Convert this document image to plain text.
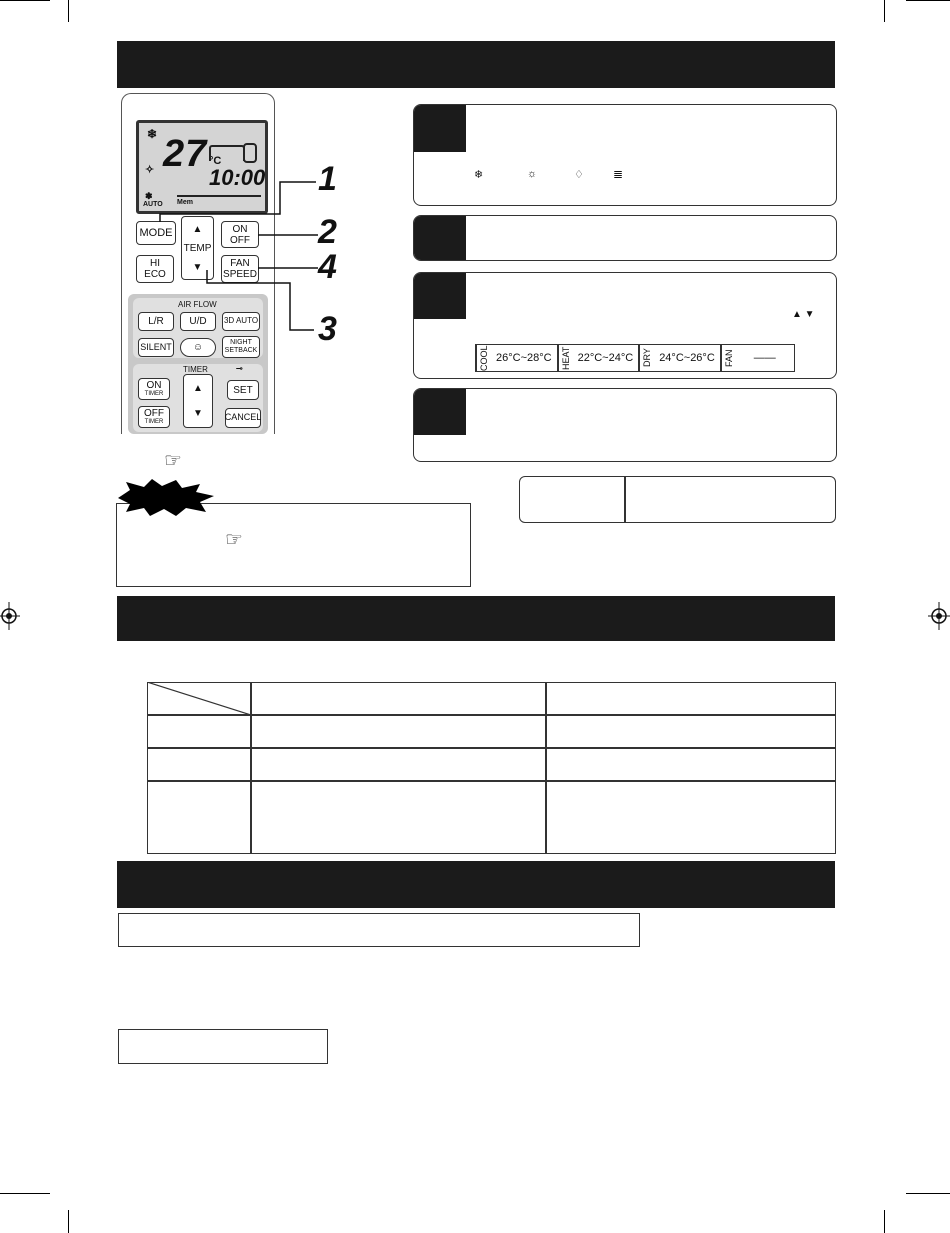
❄ 27 °C
✧ 10:00
✽
AUTO Mem
MODE ▲
TEMP
▼
ON
OFF
HI
ECO
FAN
SPEED
AIR FLOW
L/R	U/D 3D AUTO
SILENT ☺	NIGHT
SETBACK
TIMER	⊸
ON
TIMER
▲
▼
SET
OFF
TIMER
CANCEL
1
2
4
3
☞
❄	☼	♢ ≣
▲ ▼
COOL 26°C~28°C	HEAT 22°C~24°C	DRY 24°C~26°C	FAN	——
☞
